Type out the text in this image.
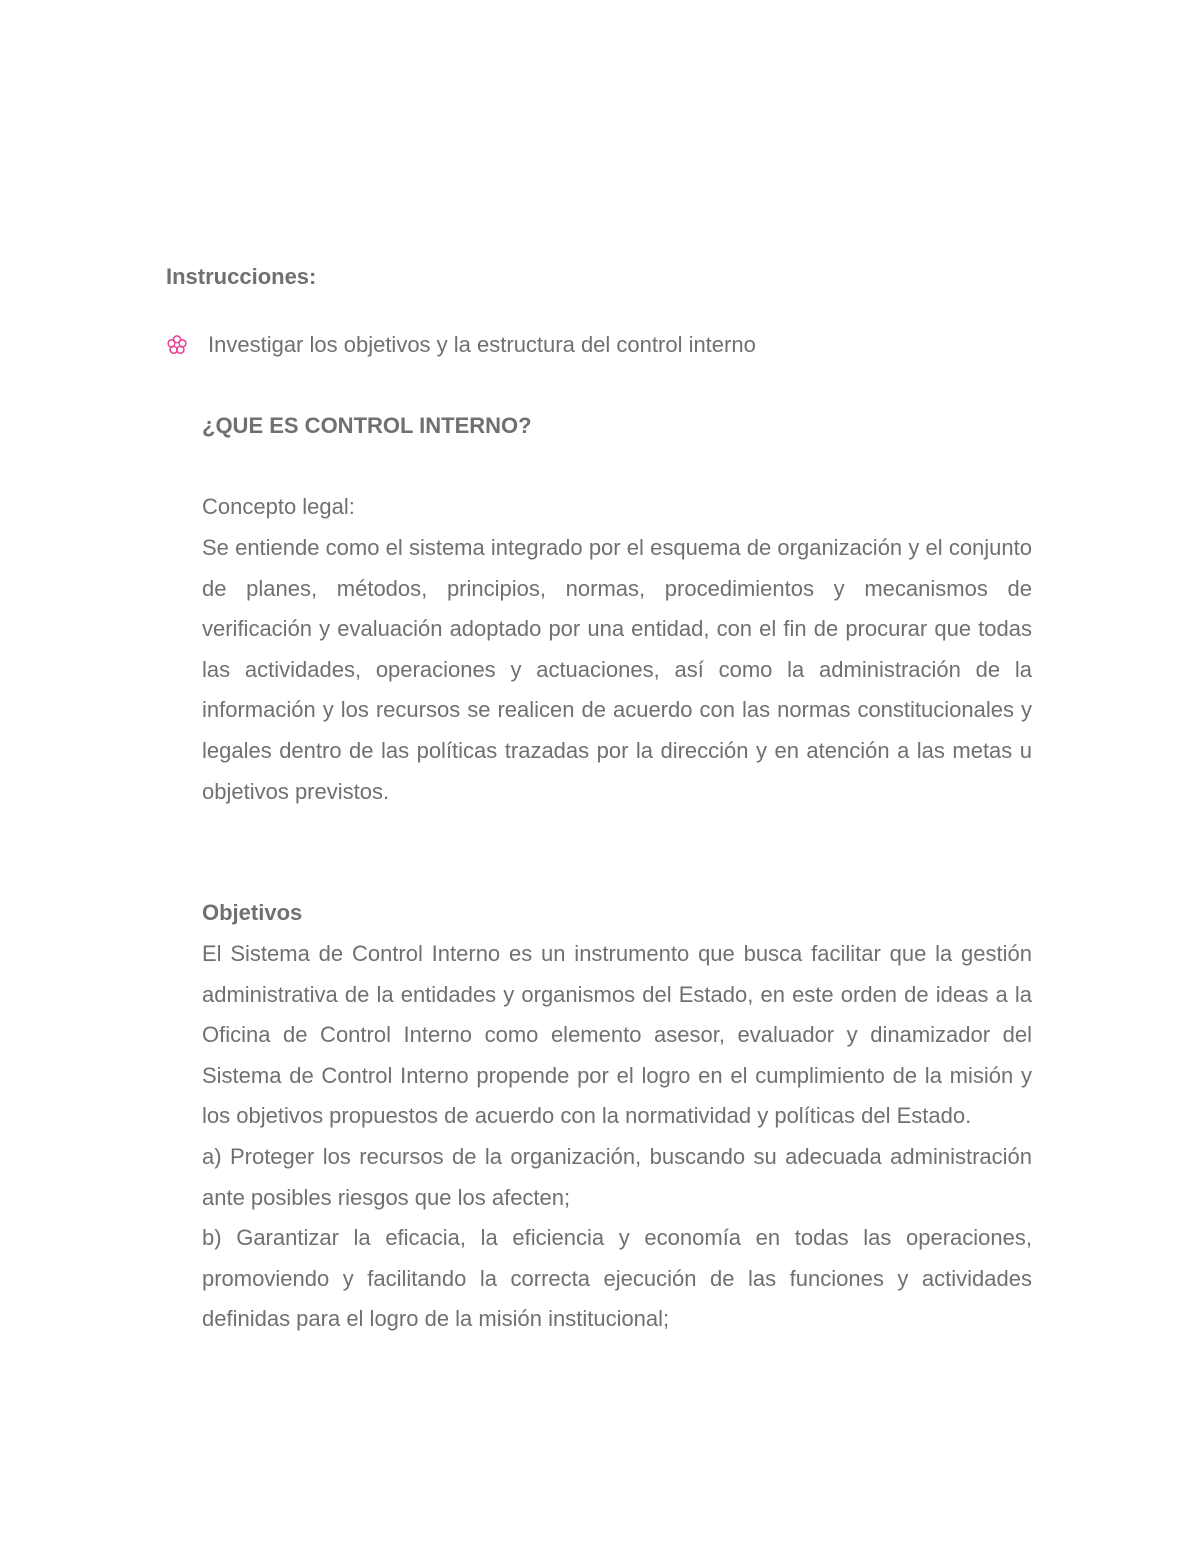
Instrucciones:
Investigar los objetivos y la estructura del control interno
¿QUE ES CONTROL INTERNO?

Concepto legal:

Se entiende como el sistema integrado por el esquema de organización y el conjunto de planes, métodos, principios, normas, procedimientos y mecanismos de verificación y evaluación adoptado por una entidad, con el fin de procurar que todas las actividades, operaciones y actuaciones, así como la administración de la información y los recursos se realicen de acuerdo con las normas constitucionales y legales dentro de las políticas trazadas por la dirección y en atención a las metas u objetivos previstos.

Objetivos

El Sistema de Control Interno es un instrumento que busca facilitar que la gestión administrativa de la entidades y organismos del Estado, en este orden de ideas a la Oficina de Control Interno como elemento asesor, evaluador y dinamizador del Sistema de Control Interno propende por el logro en el cumplimiento de la misión y los objetivos propuestos de acuerdo con la normatividad y políticas del Estado.

a) Proteger los recursos de la organización, buscando su adecuada administración ante posibles riesgos que los afecten;

b) Garantizar la eficacia, la eficiencia y economía en todas las operaciones, promoviendo y facilitando la correcta ejecución de las funciones y actividades definidas para el logro de la misión institucional;
